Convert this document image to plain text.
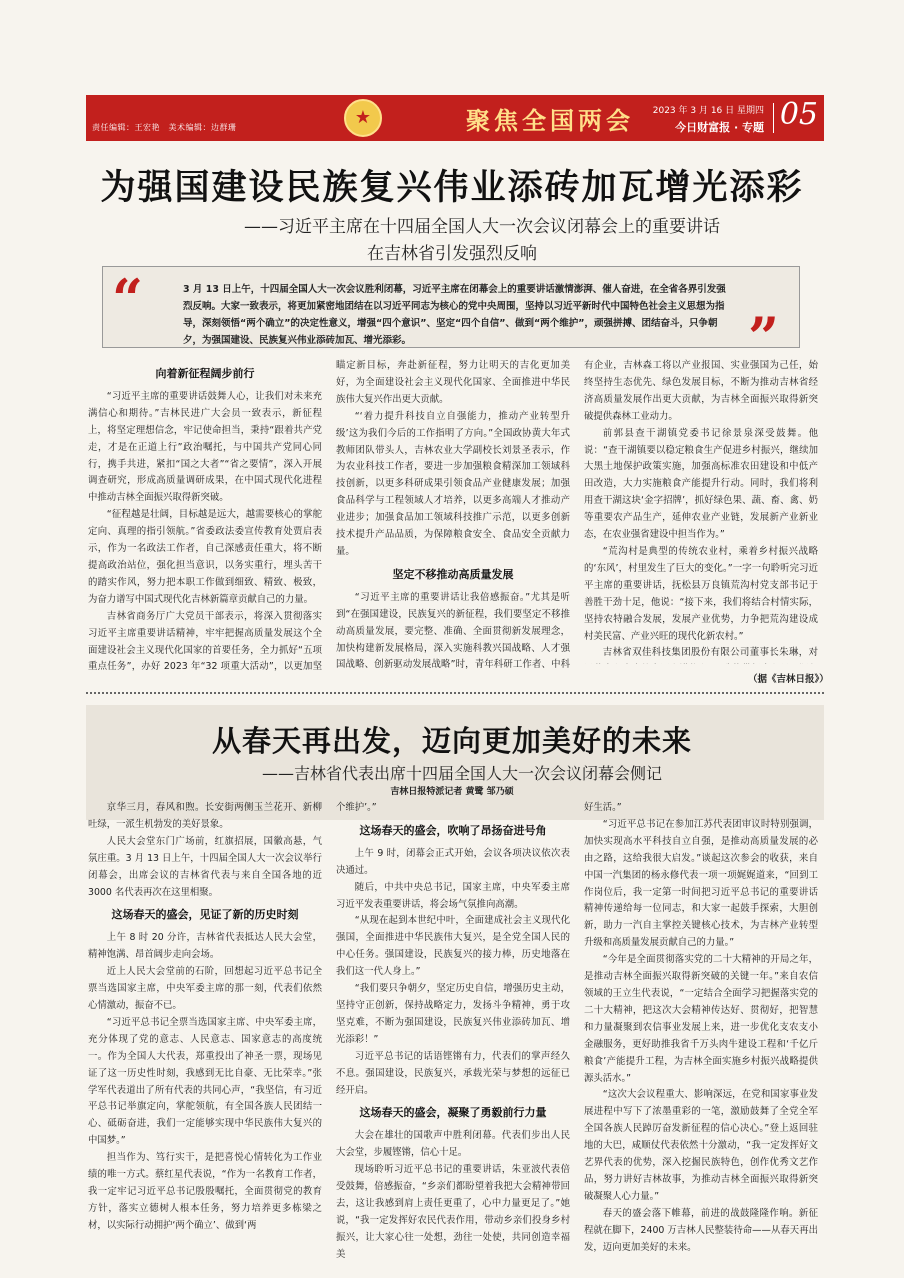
责任编辑：王宏艳　美术编辑：边群珊
★	聚焦全国两会 2023 年 3 月 16 日 星期四
今日财富报 · 专题 05
为强国建设民族复兴伟业添砖加瓦增光添彩
——习近平主席在十四届全国人大一次会议闭幕会上的重要讲话
在吉林省引发强烈反响
3 月 13 日上午，十四届全国人大一次会议胜利闭幕，习近平主席在闭幕会上的重要讲话激情澎湃、催人奋进，在全省各界引发强烈反响。大家一致表示，将更加紧密地团结在以习近平同志为核心的党中央周围，坚持以习近平新时代中国特色社会主义思想为指导，深刻领悟“两个确立”的决定性意义，增强“四个意识”、坚定“四个自信”、做到“两个维护”，顽强拼搏、团结奋斗，只争朝夕，为强国建设、民族复兴伟业添砖加瓦、增光添彩。
“
”
向着新征程阔步前行

“习近平主席的重要讲话鼓舞人心，让我们对未来充满信心和期待。”吉林民进广大会员一致表示，新征程上，将坚定理想信念，牢记使命担当，秉持“跟着共产党走，才是在正道上行”政治嘱托，与中国共产党同心同行，携手共进，紧扣“国之大者”“省之要情”，深入开展调查研究，形成高质量调研成果，在中国式现代化进程中推动吉林全面振兴取得新突破。

“征程越是壮阔，目标越是远大，越需要核心的掌舵定向、真理的指引领航。”省委政法委宣传教育处贾启表示，作为一名政法工作者，自己深感责任重大，将不断提高政治站位，强化担当意识，以务实重行，埋头苦干的踏实作风，努力把本职工作做到细致、精致、极致，为奋力谱写中国式现代化吉林新篇章贡献自己的力量。

吉林省商务厅广大党员干部表示，将深入贯彻落实习近平主席重要讲话精神，牢牢把握高质量发展这个全面建设社会主义现代化国家的首要任务，全力抓好“五项重点任务”，办好 2023 年“32 项重大活动”，以更加坚

瞄定新目标，奔赴新征程，努力让明天的吉化更加美好，为全面建设社会主义现代化国家、全面推进中华民族伟大复兴作出更大贡献。

“‘着力提升科技自立自强能力，推动产业转型升级’这为我们今后的工作指明了方向。”全国政协黄大年式教师团队带头人，吉林农业大学副校长刘景圣表示，作为农业科技工作者，要进一步加强粮食精深加工领域科技创新，以更多科研成果引领食品产业健康发展；加强食品科学与工程领域人才培养，以更多高端人才推动产业进步；加强食品加工领域科技推广示范，以更多创新技术提升产品品质，为保障粮食安全、食品安全贡献力量。

坚定不移推动高质量发展

“习近平主席的重要讲话让我倍感振奋。”尤其是听到“在强国建设，民族复兴的新征程，我们要坚定不移推动高质量发展，要完整、准确、全面贯彻新发展理念，加快构建新发展格局，深入实施科教兴国战略、人才强国战略、创新驱动发展战略”时，青年科研工作者、中科

有企业，吉林森工将以产业报国、实业强国为己任，始终坚持生态优先、绿色发展目标，不断为推动吉林省经济高质量发展作出更大贡献，为吉林全面振兴取得新突破提供森林工业动力。

前郭县查干湖镇党委书记徐景泉深受鼓舞。他说：“查干湖镇要以稳定粮食生产促进乡村振兴，继续加大黑土地保护政策实施，加强高标准农田建设和中低产田改造，大力实施粮食产能提升行动。同时，我们将利用查干湖这块‘金字招牌’，抓好绿色果、蔬、畜、禽、奶等重要农产品生产，延伸农业产业链，发展新产业新业态，在农业强省建设中担当作为。”

“荒沟村是典型的传统农业村，乘着乡村振兴战略的‘东风’，村里发生了巨大的变化。”一字一句聆听完习近平主席的重要讲话，抚松县万良镇荒沟村党支部书记于善胜干劲十足，他说：“接下来，我们将结合村情实际，坚持农特融合发展，发展产业优势，力争把荒沟建设成村美民富、产业兴旺的现代化新农村。”

吉林省双佳科技集团股份有限公司董事长朱琳，对

（据《吉林日报》）
从春天再出发，迈向更加美好的未来
——吉林省代表出席十四届全国人大一次会议闭幕会侧记
吉林日报特派记者 黄鹭 邹乃硕

京华三月，春风和煦。长安街两侧玉兰花开、新柳吐绿，一派生机勃发的美好景象。

人民大会堂东门广场前，红旗招展，国徽高悬，气氛庄重。3 月 13 日上午，十四届全国人大一次会议举行闭幕会，出席会议的吉林省代表与来自全国各地的近 3000 名代表再次在这里相聚。

这场春天的盛会，见证了新的历史时刻

上午 8 时 20 分许，吉林省代表抵达人民大会堂，精神饱满、昂首阔步走向会场。

近上人民大会堂前的石阶，回想起习近平总书记全票当选国家主席，中央军委主席的那一刻，代表们依然心情激动，振奋不已。

“习近平总书记全票当选国家主席、中央军委主席，充分体现了党的意志、人民意志、国家意志的高度统一。作为全国人大代表，郑重投出了神圣一票，现场见证了这一历史性时刻，我感到无比自豪、无比荣幸。”张学军代表道出了所有代表的共同心声，“我坚信，有习近平总书记举旗定向，掌舵领航，有全国各族人民团结一心、砥砺奋进，我们一定能够实现中华民族伟大复兴的中国梦。”

担当作为、笃行实干，是把喜悦心情转化为工作业绩的唯一方式。蔡红星代表说，“作为一名教育工作者，我一定牢记习近平总书记殷殷嘱托，全面贯彻党的教育方针，落实立德树人根本任务，努力培养更多栋梁之材，以实际行动拥护‘两个确立’、做到‘两

个维护’。”

这场春天的盛会，吹响了昂扬奋进号角

上午 9 时，闭幕会正式开始，会议各项决议依次表决通过。

随后，中共中央总书记，国家主席，中央军委主席习近平发表重要讲话，将会场气氛推向高潮。

“从现在起到本世纪中叶，全面建成社会主义现代化强国，全面推进中华民族伟大复兴，是全党全国人民的中心任务。强国建设，民族复兴的接力棒，历史地落在我们这一代人身上。”

“我们要只争朝夕，坚定历史自信，增强历史主动，坚持守正创新，保持战略定力，发扬斗争精神，勇于攻坚克难，不断为强国建设，民族复兴伟业添砖加瓦、增光添彩！”

习近平总书记的话语铿锵有力，代表们的掌声经久不息。强国建设，民族复兴，承载光荣与梦想的远征已经开启。

这场春天的盛会，凝聚了勇毅前行力量

大会在雄壮的国歌声中胜利闭幕。代表们步出人民大会堂，步履铿锵，信心十足。

现场聆听习近平总书记的重要讲话，朱亚波代表倍受鼓舞，倍感振奋，“乡亲们都盼望着我把大会精神带回去，这让我感到肩上责任更重了，心中力量更足了。”她说，“我一定发挥好农民代表作用，带动乡亲们投身乡村振兴，让大家心往一处想，劲往一处使，共同创造幸福美

好生活。”

“习近平总书记在参加江苏代表团审议时特别强调，加快实现高水平科技自立自强，是推动高质量发展的必由之路，这给我很大启发。”谈起这次参会的收获，来自中国一汽集团的杨永修代表一项一项娓娓道来，“回到工作岗位后，我一定第一时间把习近平总书记的重要讲话精神传递给每一位同志，和大家一起鼓手探索，大胆创新，助力一汽自主掌控关键核心技术，为吉林产业转型升级和高质量发展贡献自己的力量。”

“今年是全面贯彻落实党的二十大精神的开局之年，是推动吉林全面振兴取得新突破的关键一年。”来自农信领域的王立生代表说，“一定结合全面学习把握落实党的二十大精神，把这次大会精神传达好、贯彻好，把智慧和力量凝聚到农信事业发展上来，进一步优化支农支小金融服务，更好助推我省千万头肉牛建设工程和‘千亿斤粮食’产能提升工程，为吉林全面实施乡村振兴战略提供源头活水。”

“这次大会议程重大、影响深远，在党和国家事业发展进程中写下了浓墨重彩的一笔，激励鼓舞了全党全军全国各族人民踔厉奋发新征程的信心决心。”登上返回驻地的大巴，咸顺仗代表依然十分激动，“我一定发挥好文艺界代表的优势，深入挖掘民族特色，创作优秀文艺作品，努力讲好吉林故事，为推动吉林全面振兴取得新突破凝聚人心力量。”

春天的盛会落下帷幕，前进的战鼓隆隆作响。新征程就在脚下，2400 万吉林人民整装待命——从春天再出发，迈向更加美好的未来。
